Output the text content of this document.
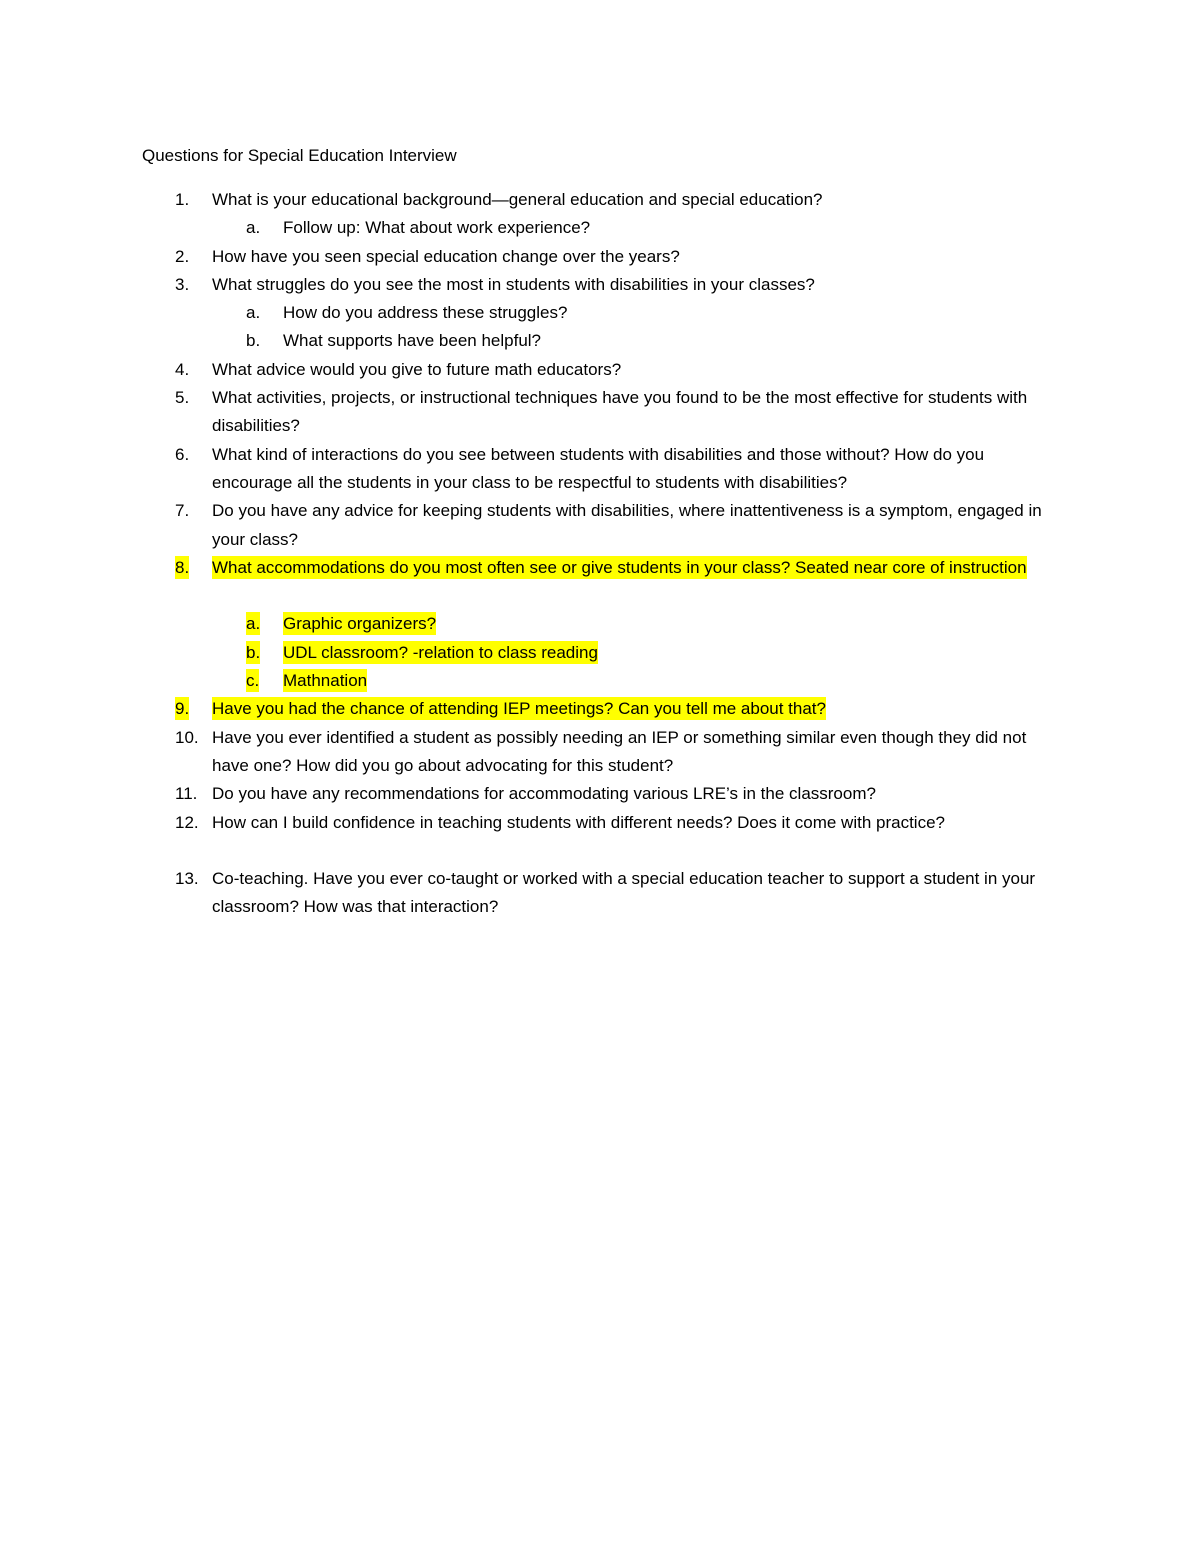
Questions for Special Education Interview
1. What is your educational background—general education and special education?
a. Follow up: What about work experience?
2. How have you seen special education change over the years?
3. What struggles do you see the most in students with disabilities in your classes?
a. How do you address these struggles?
b. What supports have been helpful?
4. What advice would you give to future math educators?
5. What activities, projects, or instructional techniques have you found to be the most effective for students with disabilities?
6. What kind of interactions do you see between students with disabilities and those without? How do you encourage all the students in your class to be respectful to students with disabilities?
7. Do you have any advice for keeping students with disabilities, where inattentiveness is a symptom, engaged in your class?
8. What accommodations do you most often see or give students in your class? Seated near core of instruction
a. Graphic organizers?
b. UDL classroom? -relation to class reading
c. Mathnation
9. Have you had the chance of attending IEP meetings? Can you tell me about that?
10. Have you ever identified a student as possibly needing an IEP or something similar even though they did not have one? How did you go about advocating for this student?
11. Do you have any recommendations for accommodating various LRE’s in the classroom?
12. How can I build confidence in teaching students with different needs? Does it come with practice?
13. Co-teaching. Have you ever co-taught or worked with a special education teacher to support a student in your classroom? How was that interaction?
